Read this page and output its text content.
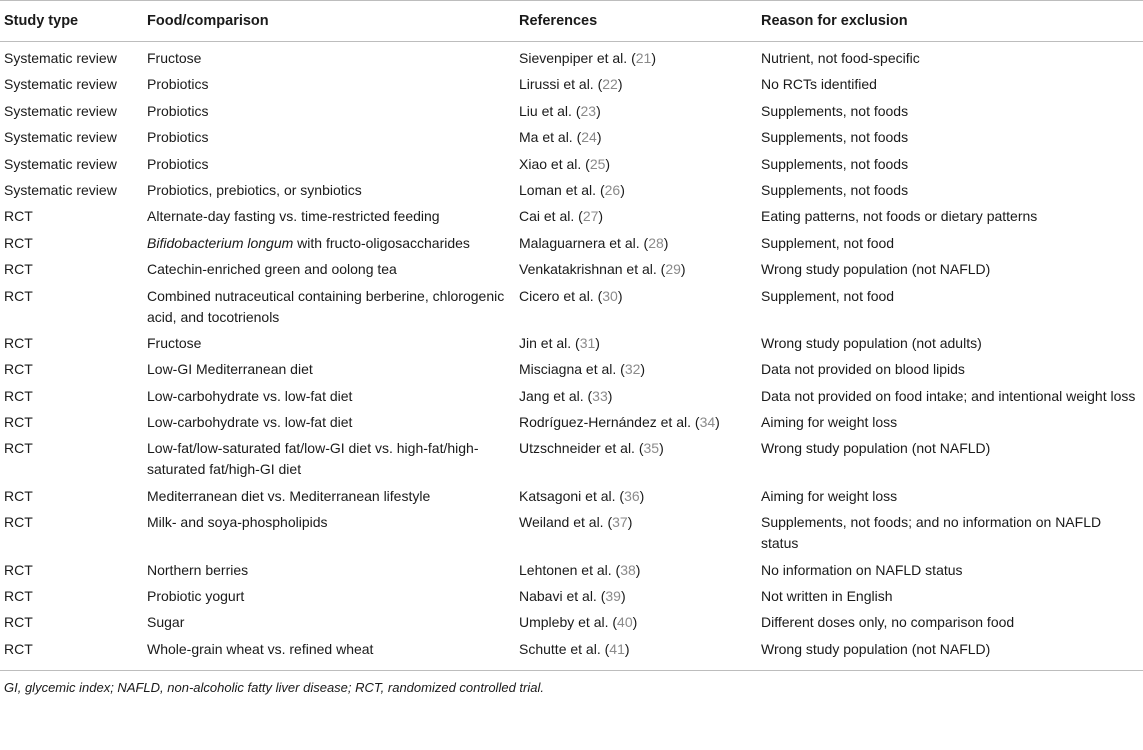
Study type	Food/comparison	References	Reason for exclusion
Systematic review	Fructose	Sievenpiper et al. (21)	Nutrient, not food-specific
Systematic review	Probiotics	Lirussi et al. (22)	No RCTs identified
Systematic review	Probiotics	Liu et al. (23)	Supplements, not foods
Systematic review	Probiotics	Ma et al. (24)	Supplements, not foods
Systematic review	Probiotics	Xiao et al. (25)	Supplements, not foods
Systematic review	Probiotics, prebiotics, or synbiotics	Loman et al. (26)	Supplements, not foods
RCT	Alternate-day fasting vs. time-restricted feeding	Cai et al. (27)	Eating patterns, not foods or dietary patterns
RCT	Bifidobacterium longum with fructo-oligosaccharides	Malaguarnera et al. (28)	Supplement, not food
RCT	Catechin-enriched green and oolong tea	Venkatakrishnan et al. (29)	Wrong study population (not NAFLD)
RCT	Combined nutraceutical containing berberine, chlorogenic acid, and tocotrienols	Cicero et al. (30)	Supplement, not food
RCT	Fructose	Jin et al. (31)	Wrong study population (not adults)
RCT	Low-GI Mediterranean diet	Misciagna et al. (32)	Data not provided on blood lipids
RCT	Low-carbohydrate vs. low-fat diet	Jang et al. (33)	Data not provided on food intake; and intentional weight loss
RCT	Low-carbohydrate vs. low-fat diet	Rodríguez-Hernández et al. (34)	Aiming for weight loss
RCT	Low-fat/low-saturated fat/low-GI diet vs. high-fat/high-saturated fat/high-GI diet	Utzschneider et al. (35)	Wrong study population (not NAFLD)
RCT	Mediterranean diet vs. Mediterranean lifestyle	Katsagoni et al. (36)	Aiming for weight loss
RCT	Milk- and soya-phospholipids	Weiland et al. (37)	Supplements, not foods; and no information on NAFLD status
RCT	Northern berries	Lehtonen et al. (38)	No information on NAFLD status
RCT	Probiotic yogurt	Nabavi et al. (39)	Not written in English
RCT	Sugar	Umpleby et al. (40)	Different doses only, no comparison food
RCT	Whole-grain wheat vs. refined wheat	Schutte et al. (41)	Wrong study population (not NAFLD)
GI, glycemic index; NAFLD, non-alcoholic fatty liver disease; RCT, randomized controlled trial.
